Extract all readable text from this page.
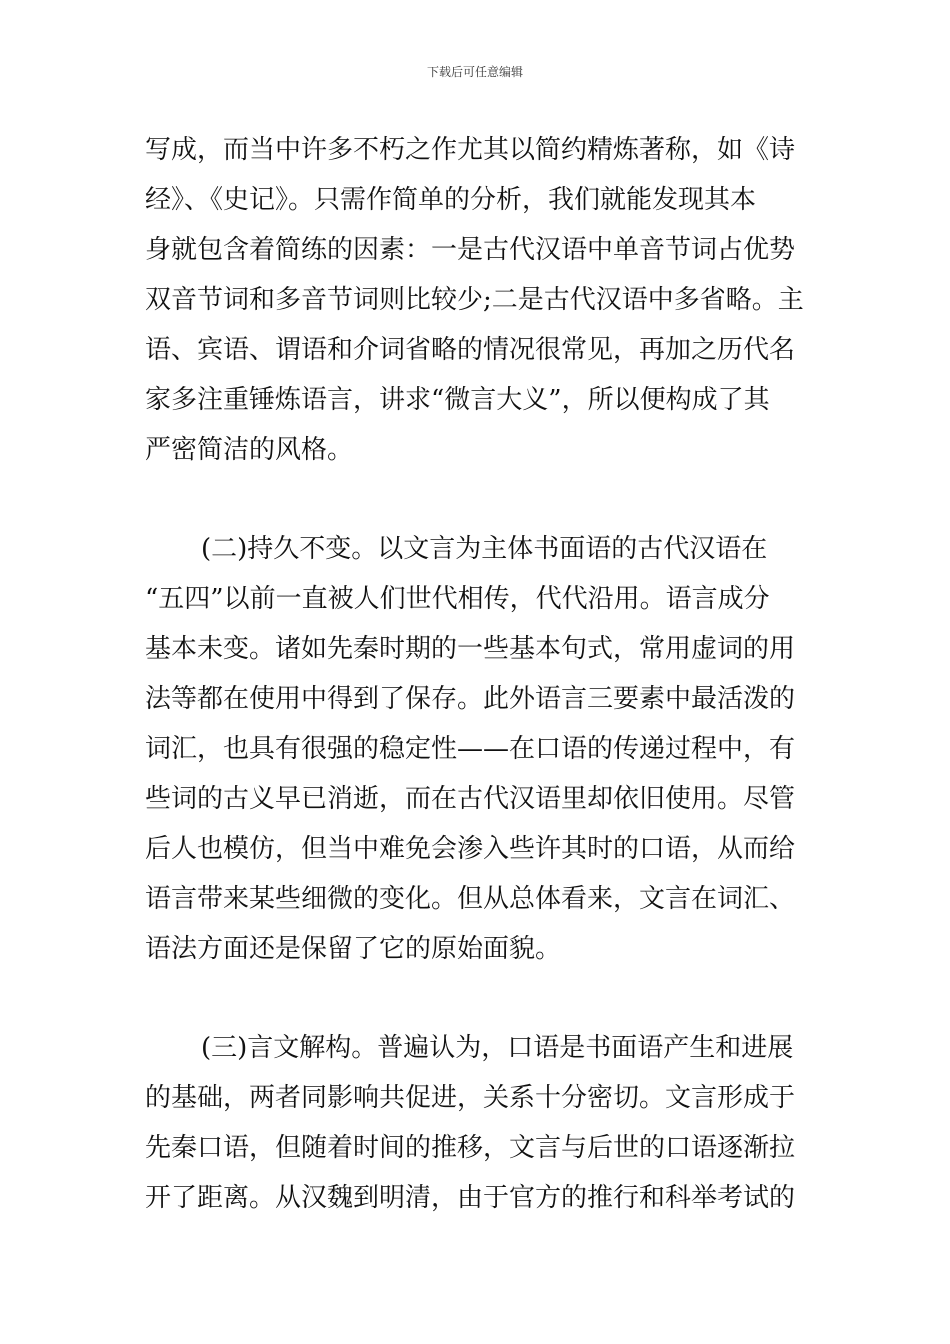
下载后可任意编辑
写成，而当中许多不朽之作尤其以简约精炼著称，如《诗
经》、《史记》。只需作简单的分析，我们就能发现其本
身就包含着简练的因素：一是古代汉语中单音节词占优势
双音节词和多音节词则比较少;二是古代汉语中多省略。主
语、宾语、谓语和介词省略的情况很常见，再加之历代名
家多注重锤炼语言，讲求“微言大义”，所以便构成了其
严密简洁的风格。
(二)持久不变。以文言为主体书面语的古代汉语在
“五四”以前一直被人们世代相传，代代沿用。语言成分
基本未变。诸如先秦时期的一些基本句式，常用虚词的用
法等都在使用中得到了保存。此外语言三要素中最活泼的
词汇，也具有很强的稳定性——在口语的传递过程中，有
些词的古义早已消逝，而在古代汉语里却依旧使用。尽管
后人也模仿，但当中难免会渗入些许其时的口语，从而给
语言带来某些细微的变化。但从总体看来，文言在词汇、
语法方面还是保留了它的原始面貌。
(三)言文解构。普遍认为，口语是书面语产生和进展
的基础，两者同影响共促进，关系十分密切。文言形成于
先秦口语，但随着时间的推移，文言与后世的口语逐渐拉
开了距离。从汉魏到明清，由于官方的推行和科举考试的
